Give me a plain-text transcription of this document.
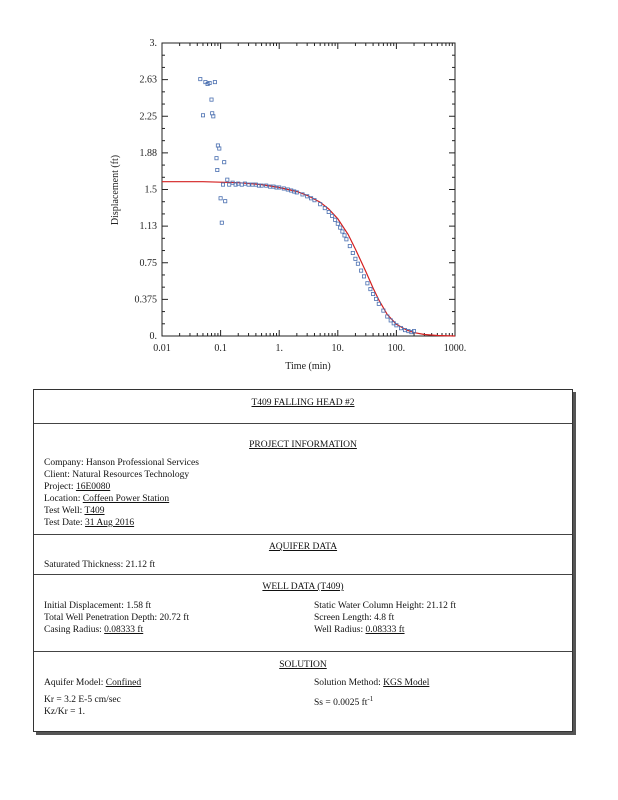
0.01	0.1	1.	10.	100.	1000.
0.
0.375
0.75
1.13
1.5
1.88
2.25
2.63
3.
Time (min)
Displacement (ft)
T409 FALLING HEAD #2
PROJECT INFORMATION
Company: Hanson Professional Services
Client: Natural Resources Technology
Project: 16E0080
Location: Coffeen Power Station
Test Well: T409
Test Date: 31 Aug 2016
AQUIFER DATA
Saturated Thickness: 21.12 ft
WELL DATA (T409)
Initial Displacement: 1.58 ft	Static Water Column Height: 21.12 ft
Total Well Penetration Depth: 20.72 ft	Screen Length: 4.8 ft
Casing Radius: 0.08333 ft	Well Radius: 0.08333 ft
SOLUTION
Aquifer Model: Confined	Solution Method: KGS Model
Kr = 3.2 E-5 cm/sec	Ss = 0.0025 $ft^{-1}$
Kz/Kr = 1.
